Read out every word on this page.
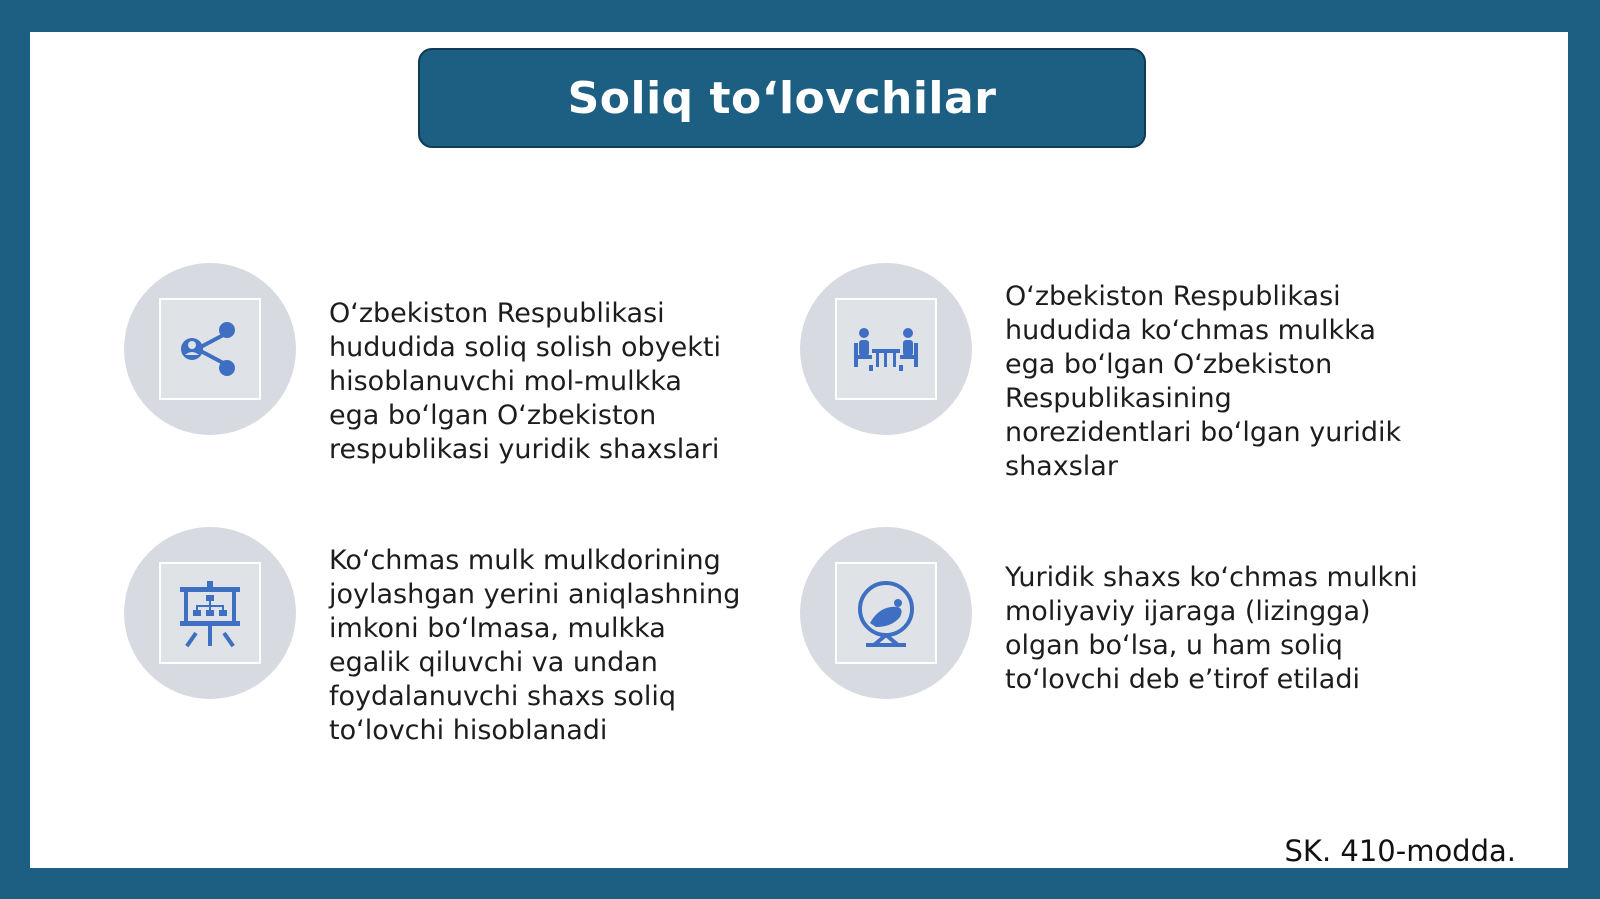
Soliq to‘lovchilar
O‘zbekiston Respublikasi
hududida soliq solish obyekti
hisoblanuvchi mol-mulkka
ega bo‘lgan O‘zbekiston
respublikasi yuridik shaxslari
O‘zbekiston Respublikasi
hududida ko‘chmas mulkka
ega bo‘lgan O‘zbekiston
Respublikasining
norezidentlari bo‘lgan yuridik
shaxslar
Ko‘chmas mulk mulkdorining
joylashgan yerini aniqlashning
imkoni bo‘lmasa, mulkka
egalik qiluvchi va undan
foydalanuvchi shaxs soliq
to‘lovchi hisoblanadi
Yuridik shaxs ko‘chmas mulkni
moliyaviy ijaraga (lizingga)
olgan bo‘lsa, u ham soliq
to‘lovchi deb e’tirof etiladi
SK. 410-modda.
